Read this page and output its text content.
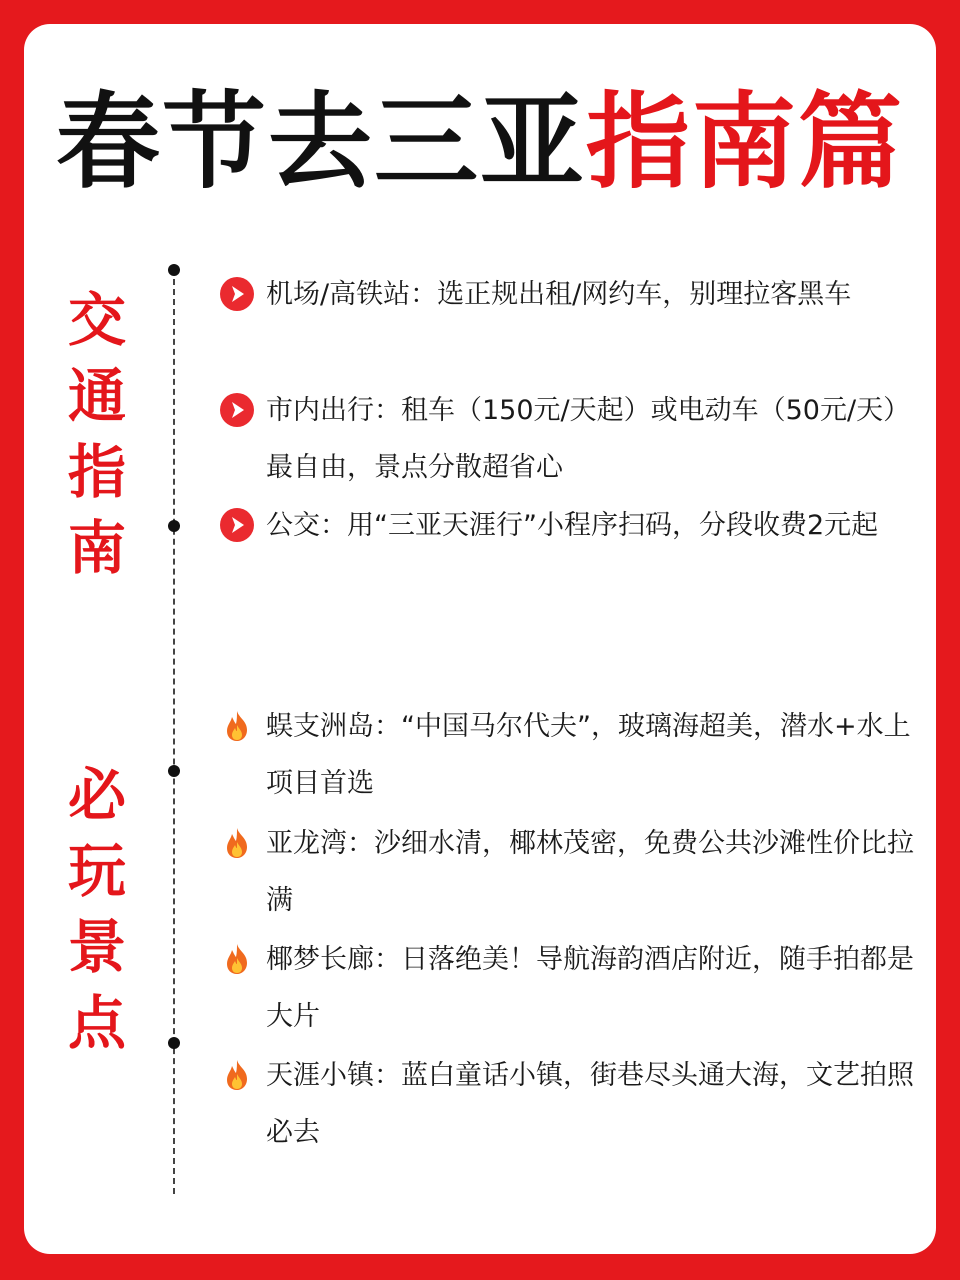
春节去三亚指南篇
交通指南
必玩景点
机场/高铁站：选正规出租/网约车，别理拉客黑车
市内出行：租车（150元/天起）或电动车（50元/天）最自由，景点分散超省心
公交：用“三亚天涯行”小程序扫码，分段收费2元起
蜈支洲岛：“中国马尔代夫”，玻璃海超美，潜水+水上项目首选
亚龙湾：沙细水清，椰林茂密，免费公共沙滩性价比拉满
椰梦长廊：日落绝美！导航海韵酒店附近，随手拍都是大片
天涯小镇：蓝白童话小镇，街巷尽头通大海，文艺拍照必去
